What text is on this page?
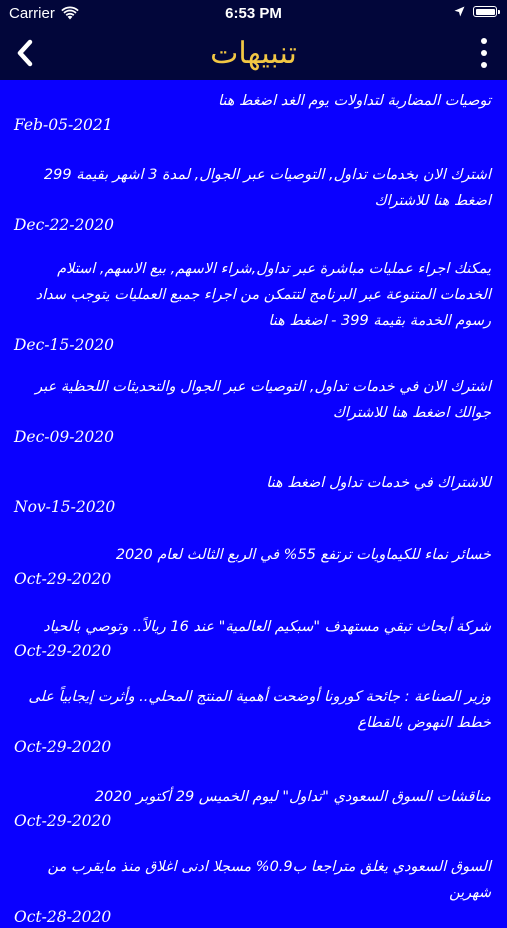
Carrier	6:53 PM
تنبيهات

توصيات المضاربة لتداولات يوم الغد اضغط هنا

Feb-05-2021

اشترك الان بخدمات تداول, التوصيات عبر الجوال, لمدة 3 اشهر بقيمة 299 اضغط هنا للاشتراك

Dec-22-2020

يمكنك اجراء عمليات مباشرة عبر تداول,شراء الاسهم, بيع الاسهم, استلام الخدمات المتنوعة عبر البرنامج لتتمكن من اجراء جميع العمليات يتوجب سداد رسوم الخدمة بقيمة 399 - اضغط هنا

Dec-15-2020

اشترك الان في خدمات تداول, التوصيات عبر الجوال والتحديثات اللحظية عبر جوالك اضغط هنا للاشتراك

Dec-09-2020

للاشتراك في خدمات تداول اضغط هنا

Nov-15-2020

خسائر نماء للكيماويات ترتفع 55% في الربع الثالث لعام 2020

Oct-29-2020

شركة أبحاث تبقي مستهدف "سبكيم العالمية" عند 16 ريالاً.. وتوصي بالحياد

Oct-29-2020

وزير الصناعة : جائحة كورونا أوضحت أهمية المنتج المحلي.. وأثرت إيجابياً على خطط النهوض بالقطاع

Oct-29-2020

مناقشات السوق السعودي "تداول" ليوم الخميس 29 أكتوبر 2020

Oct-29-2020

السوق السعودي يغلق متراجعا ب0.9% مسجلا ادنى اغلاق منذ مايقرب من شهرين

Oct-28-2020
